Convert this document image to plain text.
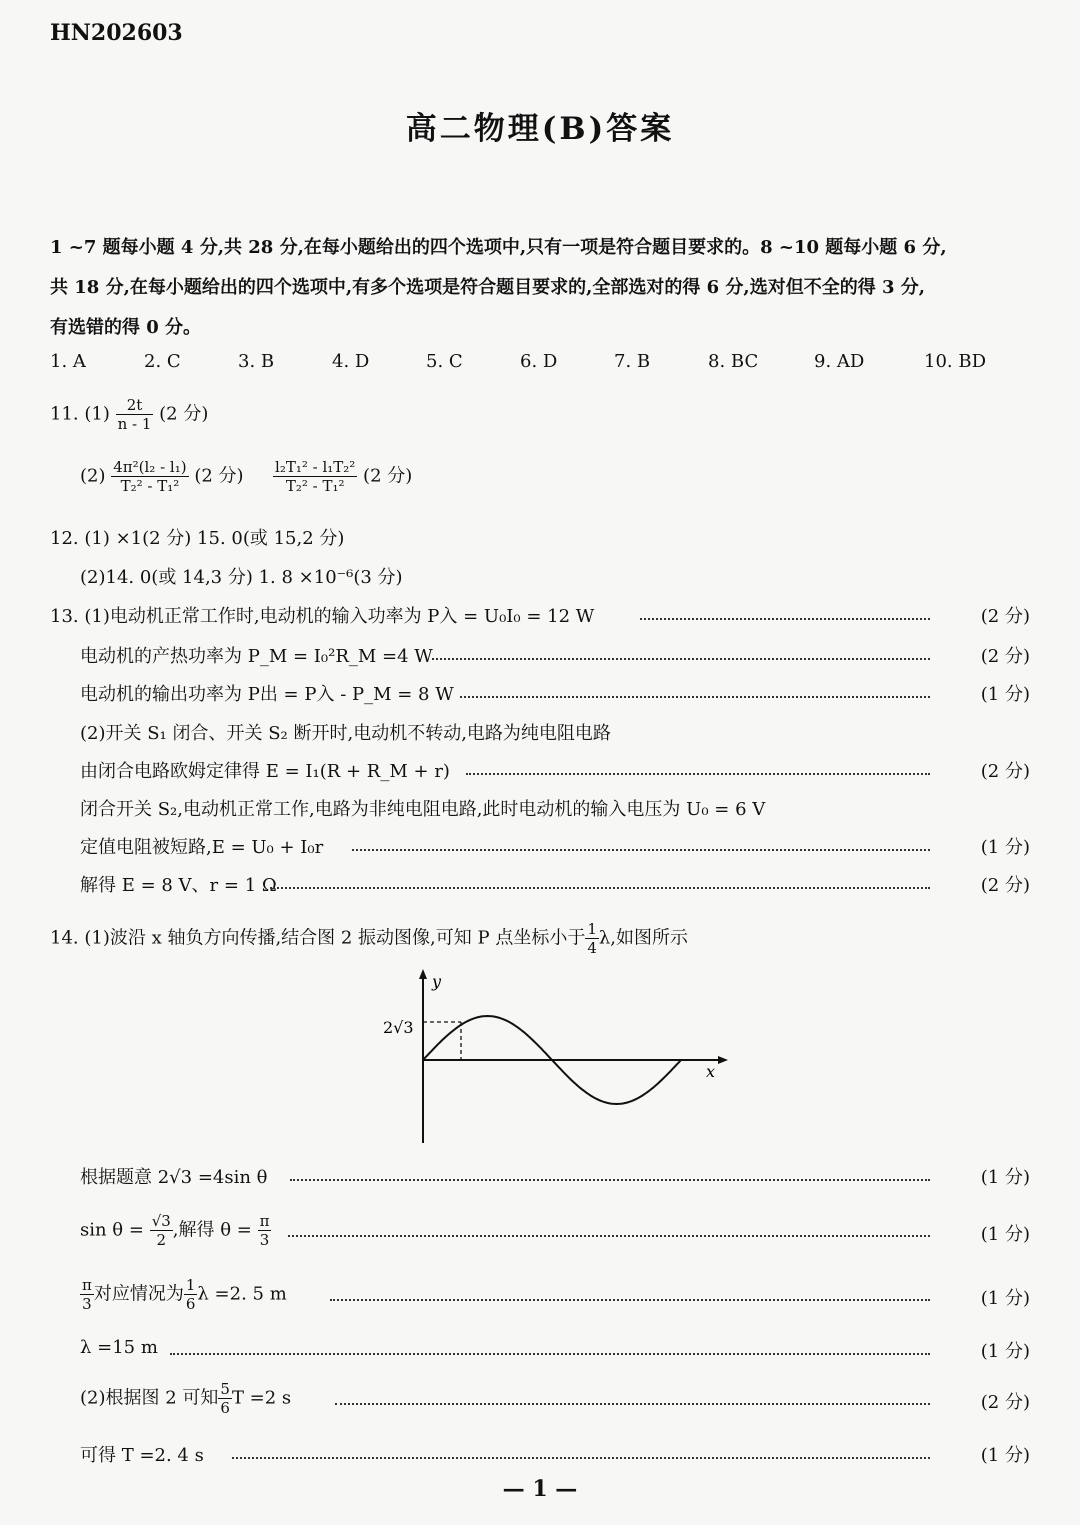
HN202603
高二物理(B)答案
1 ~7 题每小题 4 分,共 28 分,在每小题给出的四个选项中,只有一项是符合题目要求的。8 ~10 题每小题 6 分,
共 18 分,在每小题给出的四个选项中,有多个选项是符合题目要求的,全部选对的得 6 分,选对但不全的得 3 分,
有选错的得 0 分。
1. A	2. C	3. B	4. D	5. C	6. D	7. B	8. BC	9. AD	10. BD
11. $(1) \frac{2t}{n - 1} (2$ 分)
$(2) \frac{\text{4π²(l₂ - l₁)}}{\text{T₂² - T₁²}} (2$ 分) $\frac{\text{l₂T₁² - l₁T₂²}}{\text{T₂² - T₁²}} (2$ 分)
12. (1) ×1(2 分) 15. 0(或 15,2 分)
(2)14. 0(或 14,3 分) 1. 8 ×10⁻⁶(3 分)
13. (1)电动机正常工作时,电动机的输入功率为 P入 = U₀I₀ = 12 W	(2 分)
电动机的产热功率为 P_M = I₀²R_M =4 W	(2 分)
电动机的输出功率为 P出 = P入 - P_M = 8 W	(1 分)
(2)开关 S₁ 闭合、开关 S₂ 断开时,电动机不转动,电路为纯电阻电路
由闭合电路欧姆定律得 E = I₁(R + R_M + r)	(2 分)
闭合开关 S₂,电动机正常工作,电路为非纯电阻电路,此时电动机的输入电压为 U₀ = 6 V
定值电阻被短路,E = U₀ + I₀r	(1 分)
解得 E = 8 V、r = 1 Ω	(2 分)
14. (1)波沿 x 轴负方向传播,结合图 2 振动图像,可知 P 点坐标小于 $\frac{1}{4} \lambda$,如图所示
y
x
2√3
根据题意 2√3 =4sin θ	(1 分)
$\sin \theta = \frac{√3}{2}$ ,解得 $\theta = \frac{\pi}{3}$	(1 分)
$\frac{\pi}{3}$ 对应情况为 $\frac{1}{6}$ λ =2. 5 m	(1 分)
λ =15 m	(1 分)
(2)根据图 2 可知 $\frac{5}{6}$ T =2 s	(2 分)
可得 T =2. 4 s	(1 分)
— 1 —
